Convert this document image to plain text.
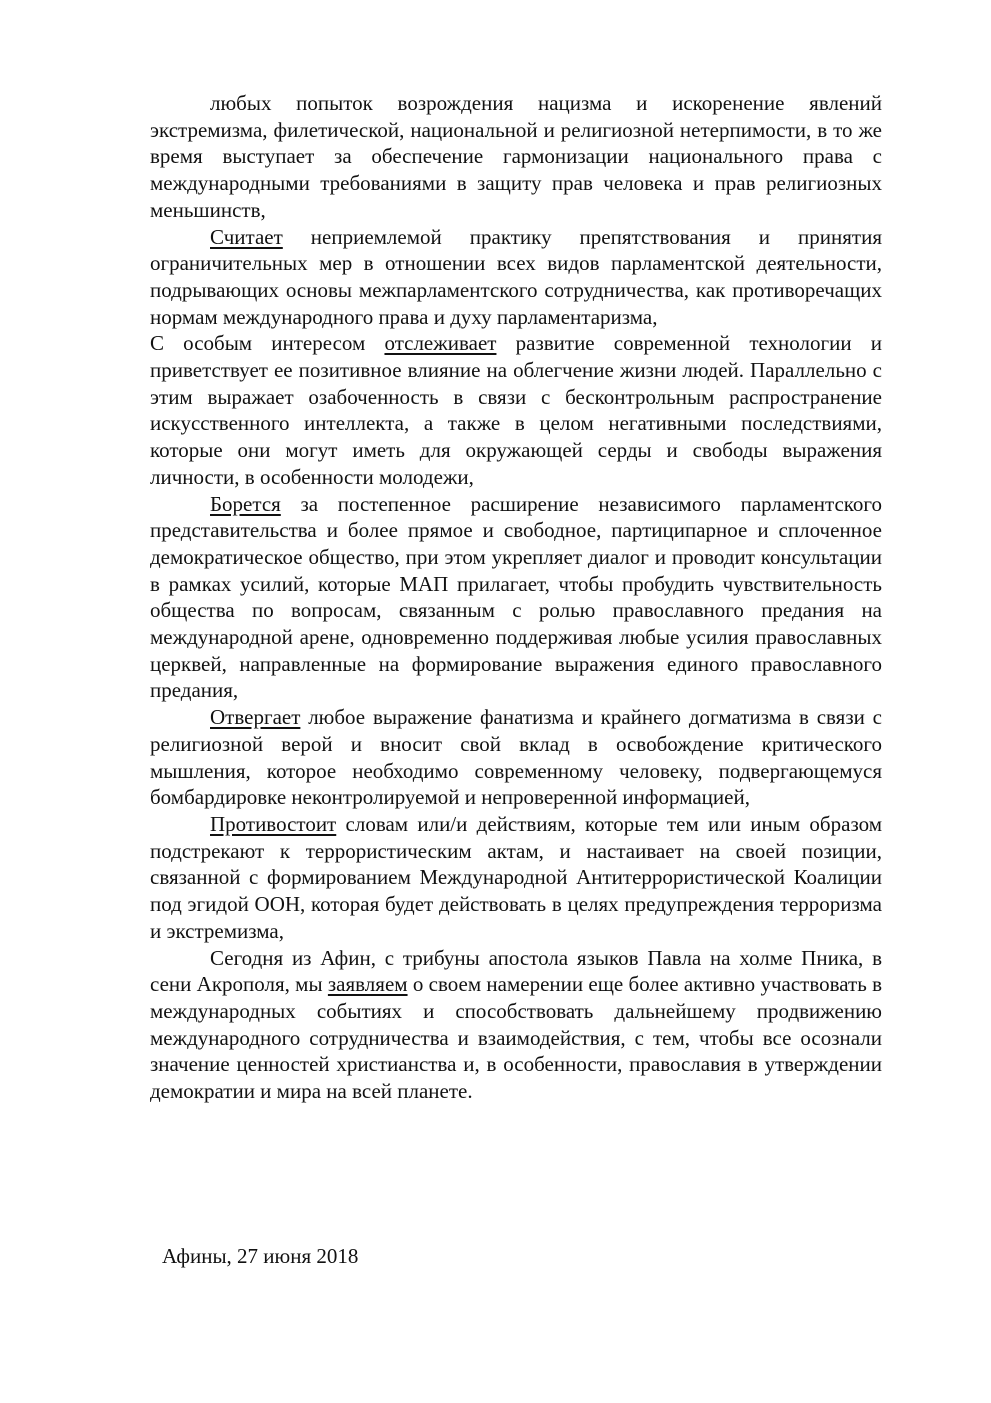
любых попыток возрождения нацизма и искоренение явлений экстремизма, филетической, национальной и религиозной нетерпимости, в то же время выступает за обеспечение гармонизации национального права с международными требованиями в защиту прав человека и прав религиозных меньшинств,

Считает неприемлемой практику препятствования и принятия ограничительных мер в отношении всех видов парламентской деятельности, подрывающих основы межпарламентского сотрудничества, как противоречащих нормам международного права и духу парламентаризма,

С особым интересом отслеживает развитие современной технологии и приветствует ее позитивное влияние на облегчение жизни людей. Параллельно с этим выражает озабоченность в связи с бесконтрольным распространение искусственного интеллекта, а также в целом негативными последствиями, которые они могут иметь для окружающей серды и свободы выражения личности, в особенности молодежи,

Борется за постепенное расширение независимого парламентского представительства и более прямое и свободное, партиципарное и сплоченное демократическое общество, при этом укрепляет диалог и проводит консультации в рамках усилий, которые МАП прилагает, чтобы пробудить чувствительность общества по вопросам, связанным с ролью православного предания на международной арене, одновременно поддерживая любые усилия православных церквей, направленные на формирование выражения единого православного предания,

Отвергает любое выражение фанатизма и крайнего догматизма в связи с религиозной верой и вносит свой вклад в освобождение критического мышления, которое необходимо современному человеку, подвергающемуся бомбардировке неконтролируемой и непроверенной информацией,

Противостоит словам или/и действиям, которые тем или иным образом подстрекают к террористическим актам, и настаивает на своей позиции, связанной с формированием Международной Антитеррористической Коалиции под эгидой ООН, которая будет действовать в целях предупреждения терроризма и экстремизма,

Сегодня из Афин, с трибуны апостола языков Павла на холме Пника, в сени Акрополя, мы заявляем о своем намерении еще более активно участвовать в международных событиях и способствовать дальнейшему продвижению международного сотрудничества и взаимодействия, с тем, чтобы все осознали значение ценностей христианства и, в особенности, православия в утверждении демократии и мира на всей планете.

Афины, 27 июня 2018
